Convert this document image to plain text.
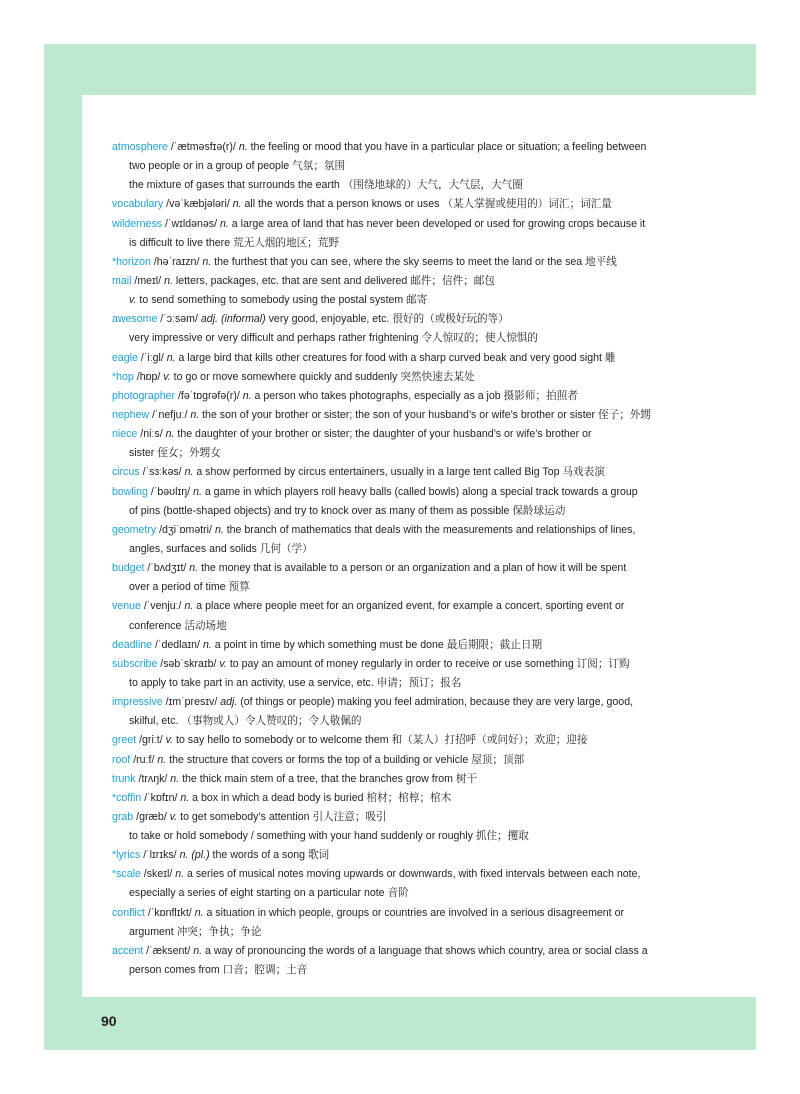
atmosphere /ˈætməsfɪə(r)/ n. the feeling or mood that you have in a particular place or situation; a feeling between
two people or in a group of people 气氛；氛围
the mixture of gases that surrounds the earth （围绕地球的）大气，大气层，大气圈
vocabulary /vəˈkæbjələri/ n. all the words that a person knows or uses （某人掌握或使用的）词汇；词汇量
wilderness /ˈwɪldənəs/ n. a large area of land that has never been developed or used for growing crops because it
is difficult to live there 荒无人烟的地区；荒野
*horizon /həˈraɪzn/ n. the furthest that you can see, where the sky seems to meet the land or the sea 地平线
mail /meɪl/ n. letters, packages, etc. that are sent and delivered 邮件；信件；邮包
v. to send something to somebody using the postal system 邮寄
awesome /ˈɔːsəm/ adj. (informal) very good, enjoyable, etc. 很好的（或极好玩的等）
very impressive or very difficult and perhaps rather frightening 令人惊叹的；使人惊惧的
eagle /ˈiːgl/ n. a large bird that kills other creatures for food with a sharp curved beak and very good sight 雕
*hop /hɒp/ v. to go or move somewhere quickly and suddenly 突然快速去某处
photographer /fəˈtɒgrəfə(r)/ n. a person who takes photographs, especially as a job 摄影师；拍照者
nephew /ˈnefjuː/ n. the son of your brother or sister; the son of your husband’s or wife’s brother or sister 侄子；外甥
niece /niːs/ n. the daughter of your brother or sister; the daughter of your husband’s or wife’s brother or
sister 侄女；外甥女
circus /ˈsɜːkəs/ n. a show performed by circus entertainers, usually in a large tent called Big Top 马戏表演
bowling /ˈbəʊlɪŋ/ n. a game in which players roll heavy balls (called bowls) along a special track towards a group
of pins (bottle-shaped objects) and try to knock over as many of them as possible 保龄球运动
geometry /dʒiˈɒmətri/ n. the branch of mathematics that deals with the measurements and relationships of lines,
angles, surfaces and solids 几何（学）
budget /ˈbʌdʒɪt/ n. the money that is available to a person or an organization and a plan of how it will be spent
over a period of time 预算
venue /ˈvenjuː/ n. a place where people meet for an organized event, for example a concert, sporting event or
conference 活动场地
deadline /ˈdedlaɪn/ n. a point in time by which something must be done 最后期限；截止日期
subscribe /səbˈskraɪb/ v. to pay an amount of money regularly in order to receive or use something 订阅；订购
to apply to take part in an activity, use a service, etc. 申请；预订；报名
impressive /ɪmˈpresɪv/ adj. (of things or people) making you feel admiration, because they are very large, good,
skilful, etc. （事物或人）令人赞叹的；令人敬佩的
greet /griːt/ v. to say hello to somebody or to welcome them 和（某人）打招呼（或问好）；欢迎；迎接
roof /ruːf/ n. the structure that covers or forms the top of a building or vehicle 屋顶；顶部
trunk /trʌŋk/ n. the thick main stem of a tree, that the branches grow from 树干
*coffin /ˈkɒfɪn/ n. a box in which a dead body is buried 棺材；棺椁；棺木
grab /græb/ v. to get somebody’s attention 引人注意；吸引
to take or hold somebody / something with your hand suddenly or roughly 抓住；攫取
*lyrics /ˈlɪrɪks/ n. (pl.) the words of a song 歌词
*scale /skeɪl/ n. a series of musical notes moving upwards or downwards, with fixed intervals between each note,
especially a series of eight starting on a particular note 音阶
conflict /ˈkɒnflɪkt/ n. a situation in which people, groups or countries are involved in a serious disagreement or
argument 冲突；争执；争论
accent /ˈæksent/ n. a way of pronouncing the words of a language that shows which country, area or social class a
person comes from 口音；腔调；土音
90
